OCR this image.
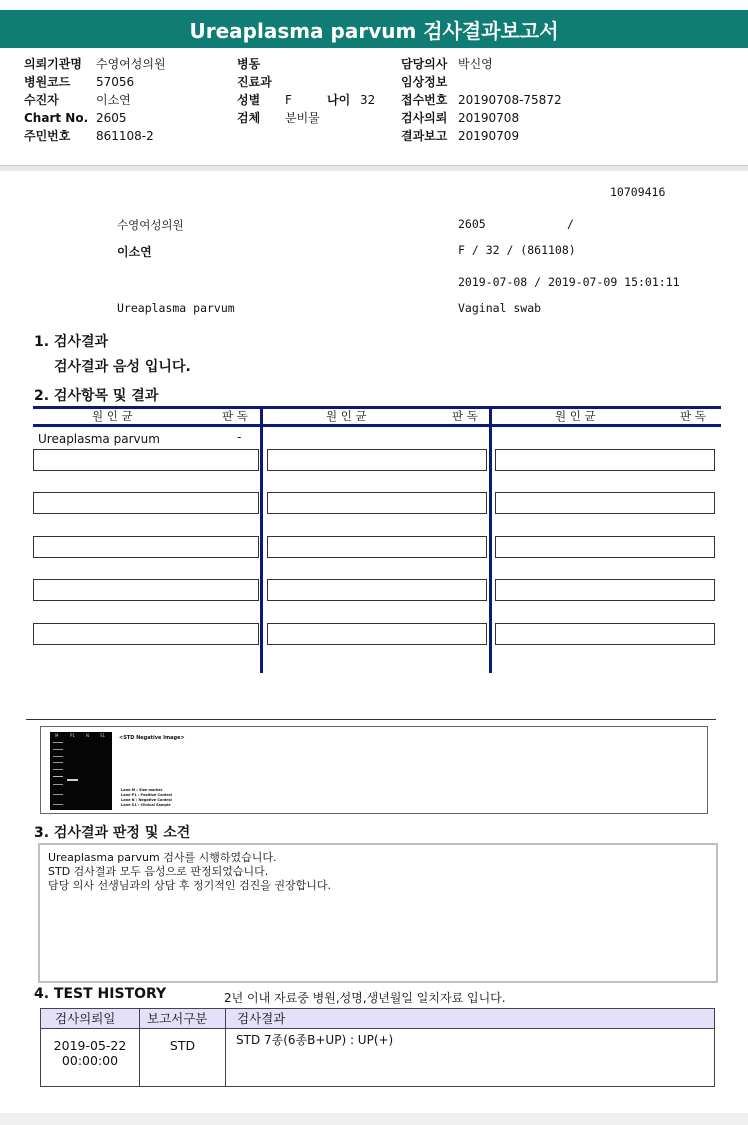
Ureaplasma parvum 검사결과보고서
의뢰기관명 수영여성의원
병원코드 57056
수진자	이소연
Chart No. 2605
주민번호 861108-2
병동
진료과
성별 F	나이 32
검체 분비물
담당의사 박신영
임상정보
접수번호 20190708-75872
검사의뢰 20190708
결과보고 20190709
10709416
수영여성의원	2605	/
이소연	F / 32 / (861108)
2019-07-08 / 2019-07-09 15:01:11
Ureaplasma parvum	Vaginal swab
1. 검사결과
검사결과 음성 입니다.
2. 검사항목 및 결과
원 인 균	판 독	원 인 균	판 독	원 인 균	판 독
Ureaplasma parvum	-
M	P1	N	S1	<STD Negative Image>
Lane M : Size marker
Lane P1 : Positive Control
Lane N : Negative Control
Lane S1 : Clinical Sample
3. 검사결과 판정 및 소견
Ureaplasma parvum 검사를 시행하였습니다.
STD 검사결과 모두 음성으로 판정되었습니다.
담당 의사 선생님과의 상담 후 정기적인 검진을 권장합니다.
4. TEST HISTORY	2년 이내 자료중 병원,성명,생년월일 일치자료 입니다.
검사의뢰일	보고서구분 검사결과
2019-05-22
00:00:00
STD	STD 7종(6종B+UP) : UP(+)
